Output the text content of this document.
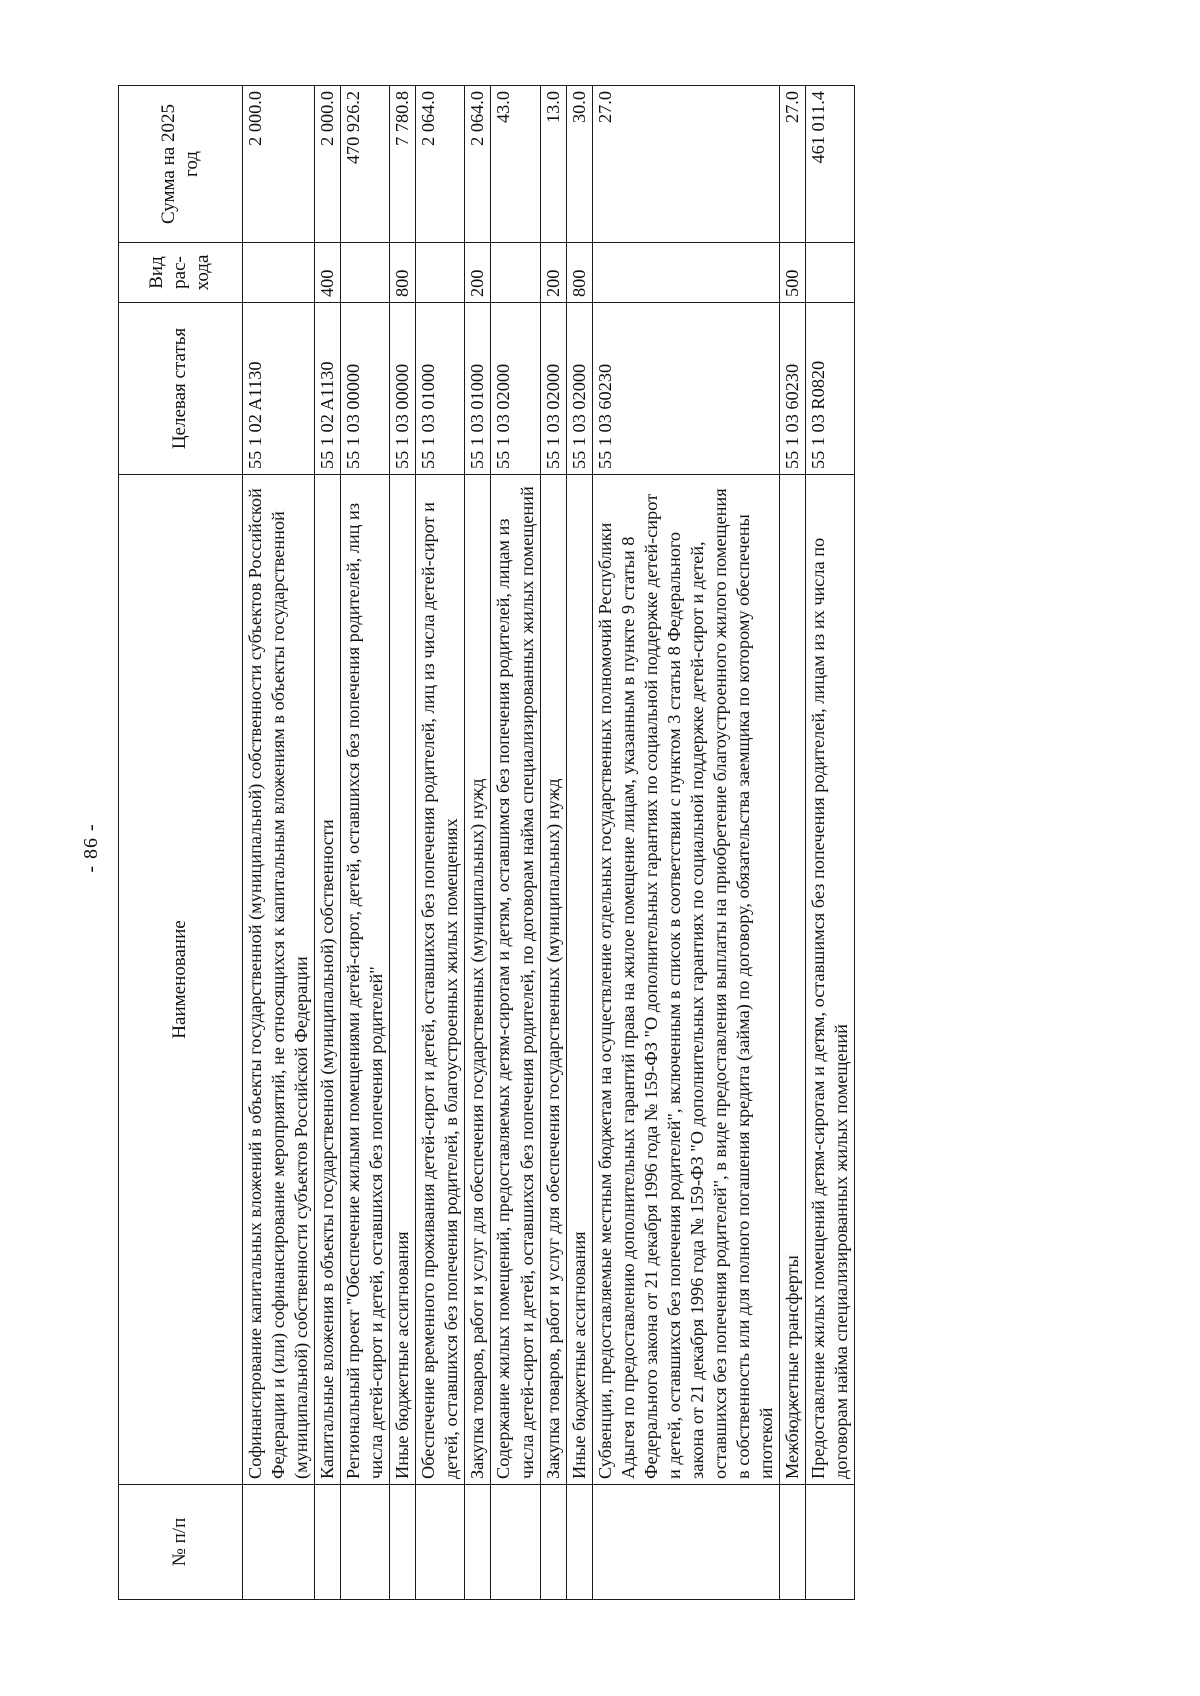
- 86 -
№ п/п	Наименование	Целевая статья	Вид рас-хода	Сумма на 2025 год
	Софинансирование капитальных вложений в объекты государственной (муниципальной) собственности субъектов Российской Федерации и (или) софинансирование мероприятий, не относящихся к капитальным вложениям в объекты государственной (муниципальной) собственности субъектов Российской Федерации	55 1 02 A1130		2 000.0
	Капитальные вложения в объекты государственной (муниципальной) собственности	55 1 02 A1130	400	2 000.0
	Региональный проект "Обеспечение жилыми помещениями детей-сирот, детей, оставшихся без попечения родителей, лиц из числа детей-сирот и детей, оставшихся без попечения родителей"	55 1 03 00000		470 926.2
	Иные бюджетные ассигнования	55 1 03 00000	800	7 780.8
	Обеспечение временного проживания детей-сирот и детей, оставшихся без попечения родителей, лиц из числа детей-сирот и детей, оставшихся без попечения родителей, в благоустроенных жилых помещениях	55 1 03 01000		2 064.0
	Закупка товаров, работ и услуг для обеспечения государственных (муниципальных) нужд	55 1 03 01000	200	2 064.0
	Содержание жилых помещений, предоставляемых детям-сиротам и детям, оставшимся без попечения родителей, лицам из числа детей-сирот и детей, оставшихся без попечения родителей, по договорам найма специализированных жилых помещений	55 1 03 02000		43.0
	Закупка товаров, работ и услуг для обеспечения государственных (муниципальных) нужд	55 1 03 02000	200	13.0
	Иные бюджетные ассигнования	55 1 03 02000	800	30.0
	Субвенции, предоставляемые местным бюджетам на осуществление отдельных государственных полномочий Республики Адыгея по предоставлению дополнительных гарантий права на жилое помещение лицам, указанным в пункте 9 статьи 8 Федерального закона от 21 декабря 1996 года № 159-ФЗ "О дополнительных гарантиях по социальной поддержке детей-сирот и детей, оставшихся без попечения родителей", включенным в список в соответствии с пунктом 3 статьи 8 Федерального закона от 21 декабря 1996 года № 159-ФЗ "О дополнительных гарантиях по социальной поддержке детей-сирот и детей, оставшихся без попечения родителей", в виде предоставления выплаты на приобретение благоустроенного жилого помещения в собственность или для полного погашения кредита (займа) по договору, обязательства заемщика по которому обеспечены ипотекой	55 1 03 60230		27.0
	Межбюджетные трансферты	55 1 03 60230	500	27.0
	Предоставление жилых помещений детям-сиротам и детям, оставшимся без попечения родителей, лицам из их числа по договорам найма специализированных жилых помещений	55 1 03 R0820		461 011.4
